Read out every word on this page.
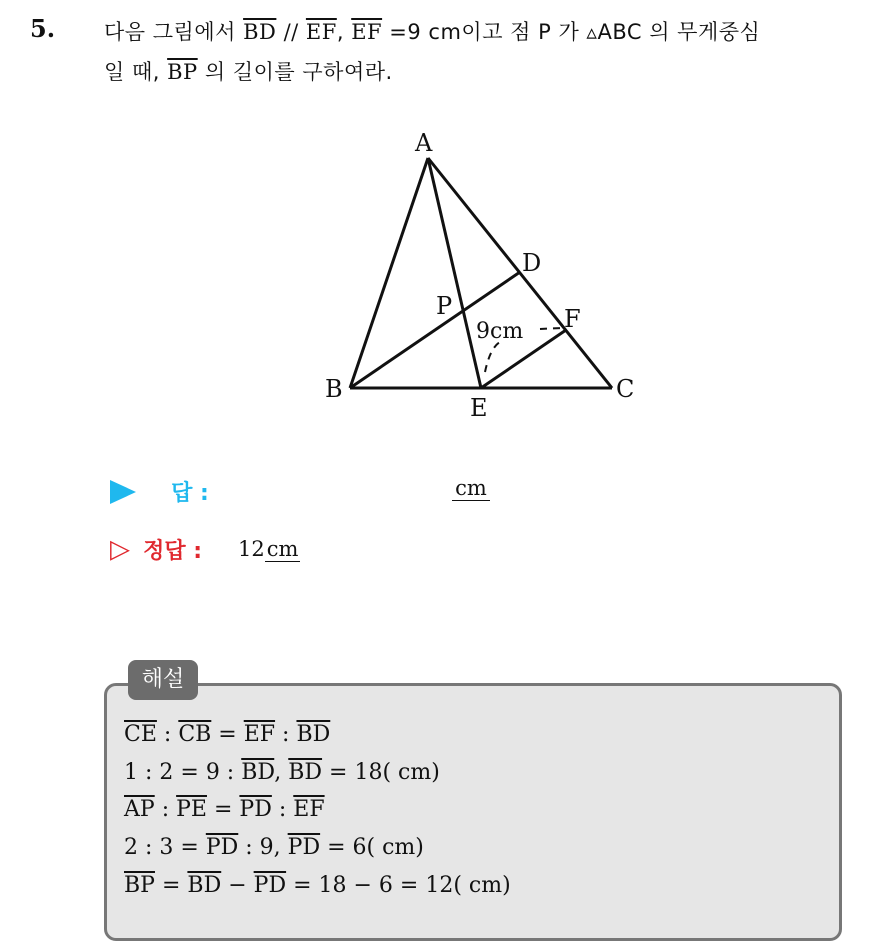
5. 다음 그림에서 $\overline{BD} // \overline{EF}$, $\overline{EF} =9$ cm이고 점 P 가 ▵ABC 의 무게중심
일 때, $\overline{BP}$ 의 길이를 구하여라.
A
B	C
D
E
F
P
9cm
답 :	cm
▷ 정답 : 12cm
해설
$\overline{CE}$ : $\overline{CB} = \overline{EF}$ : $\overline{BD}$
1 : 2 = 9 : $\overline{BD}$, $\overline{BD} = 18$( cm)
$\overline{AP}$ : $\overline{PE} = \overline{PD}$ : $\overline{EF}$
2 : $3 = \overline{PD}$ : 9, $\overline{PD} = 6$( cm)
$\overline{BP} = \overline{BD} - \overline{PD} = 18 - 6 = 12$( cm)
